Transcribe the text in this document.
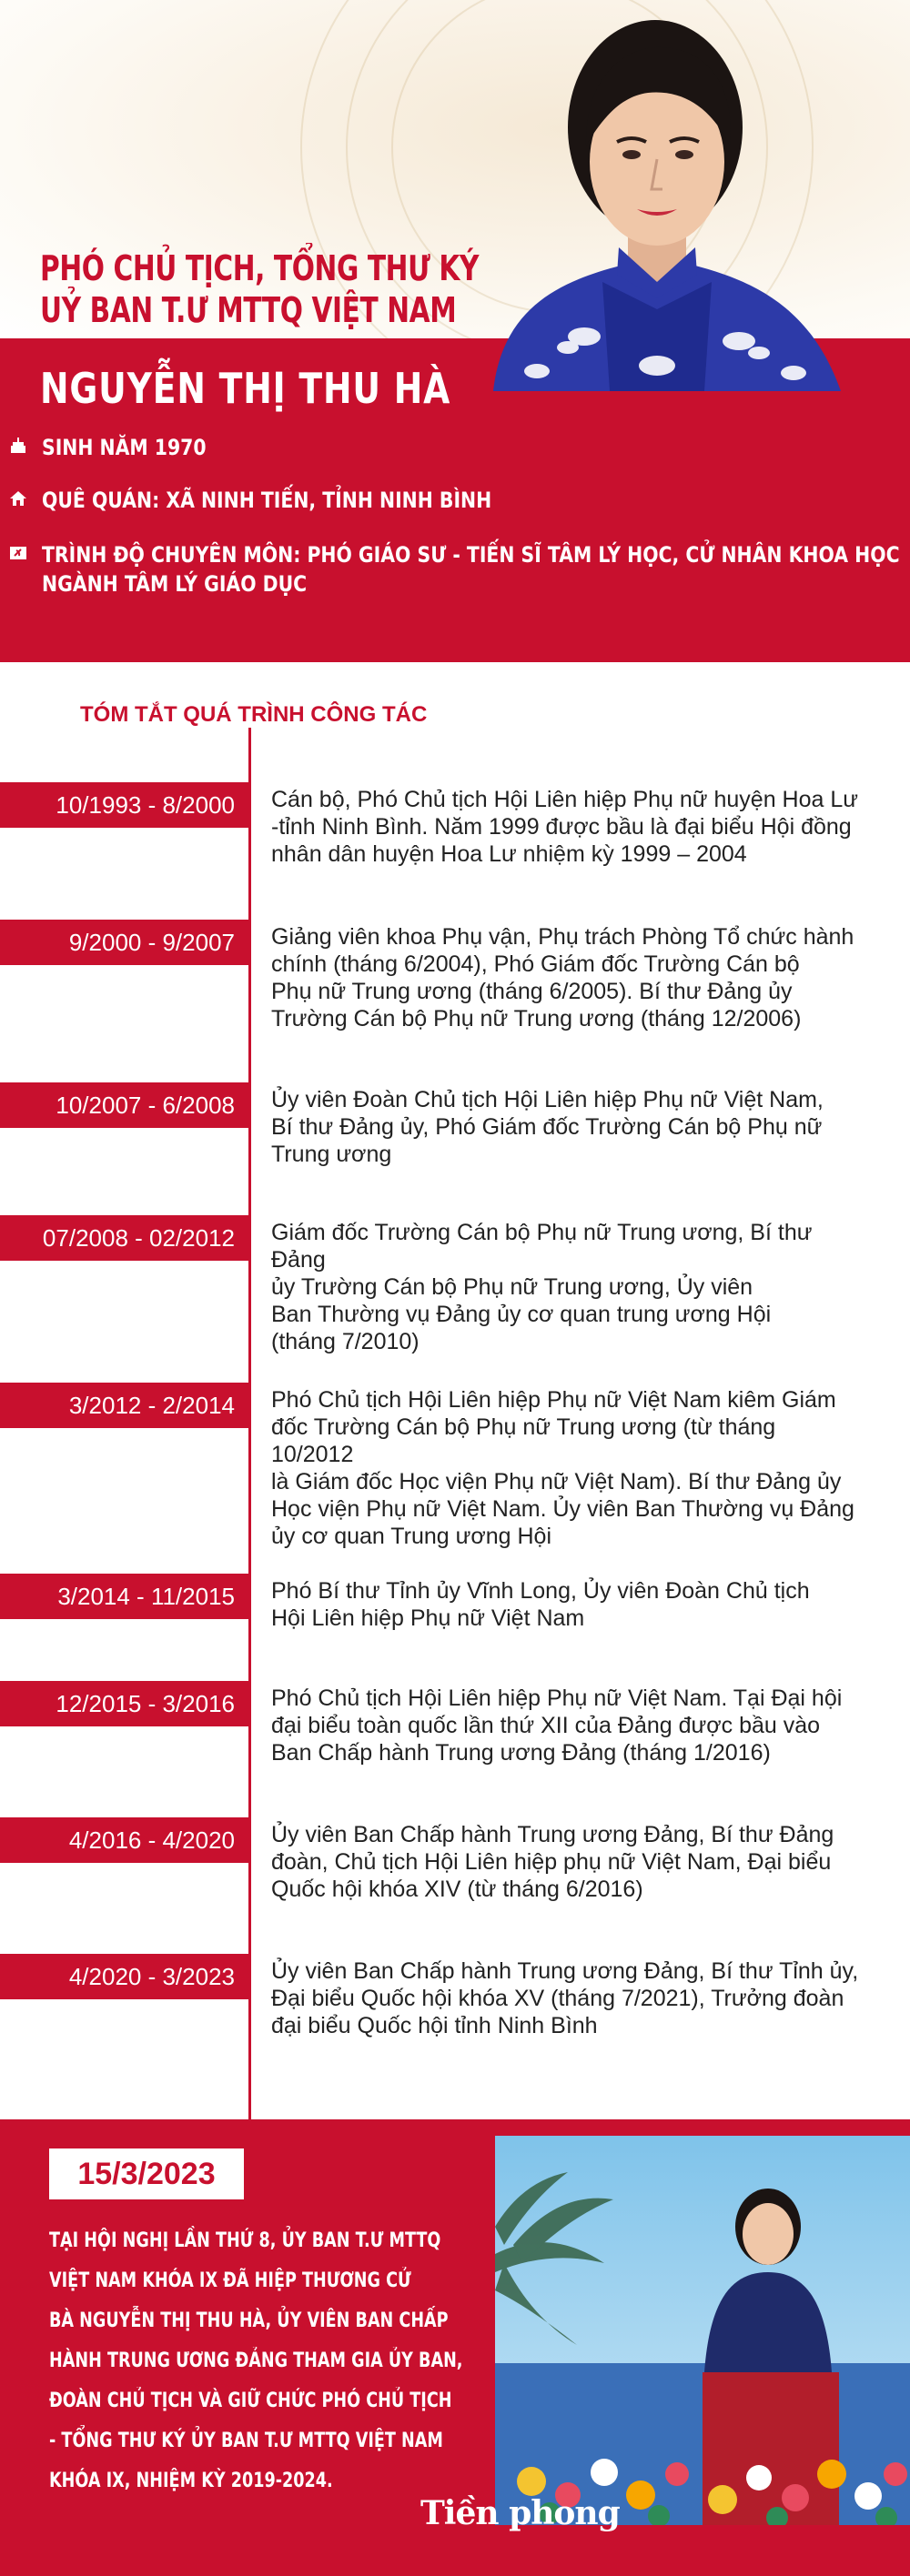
PHÓ CHỦ TỊCH, TỔNG THƯ KÝ
UỶ BAN T.Ư MTTQ VIỆT NAM
NGUYỄN THỊ THU HÀ
SINH NĂM 1970
QUÊ QUÁN: XÃ NINH TIẾN, TỈNH NINH BÌNH
TRÌNH ĐỘ CHUYÊN MÔN: PHÓ GIÁO SƯ - TIẾN SĨ TÂM LÝ HỌC, CỬ NHÂN KHOA HỌC
NGÀNH TÂM LÝ GIÁO DỤC
TÓM TẮT QUÁ TRÌNH CÔNG TÁC
10/1993 - 8/2000	Cán bộ, Phó Chủ tịch Hội Liên hiệp Phụ nữ huyện Hoa Lư
-tỉnh Ninh Bình. Năm 1999 được bầu là đại biểu Hội đồng
nhân dân huyện Hoa Lư nhiệm kỳ 1999 – 2004
9/2000 - 9/2007	Giảng viên khoa Phụ vận, Phụ trách Phòng Tổ chức hành
chính (tháng 6/2004), Phó Giám đốc Trường Cán bộ
Phụ nữ Trung ương (tháng 6/2005). Bí thư Đảng ủy
Trường Cán bộ Phụ nữ Trung ương (tháng 12/2006)
10/2007 - 6/2008	Ủy viên Đoàn Chủ tịch Hội Liên hiệp Phụ nữ Việt Nam,
Bí thư Đảng ủy, Phó Giám đốc Trường Cán bộ Phụ nữ
Trung ương
07/2008 - 02/2012	Giám đốc Trường Cán bộ Phụ nữ Trung ương, Bí thư Đảng
ủy Trường Cán bộ Phụ nữ Trung ương, Ủy viên
Ban Thường vụ Đảng ủy cơ quan trung ương Hội
(tháng 7/2010)
3/2012 - 2/2014	Phó Chủ tịch Hội Liên hiệp Phụ nữ Việt Nam kiêm Giám
đốc Trường Cán bộ Phụ nữ Trung ương (từ tháng 10/2012
là Giám đốc Học viện Phụ nữ Việt Nam). Bí thư Đảng ủy
Học viện Phụ nữ Việt Nam. Ủy viên Ban Thường vụ Đảng
ủy cơ quan Trung ương Hội
3/2014 - 11/2015	Phó Bí thư Tỉnh ủy Vĩnh Long, Ủy viên Đoàn Chủ tịch
Hội Liên hiệp Phụ nữ Việt Nam
12/2015 - 3/2016	Phó Chủ tịch Hội Liên hiệp Phụ nữ Việt Nam. Tại Đại hội
đại biểu toàn quốc lần thứ XII của Đảng được bầu vào
Ban Chấp hành Trung ương Đảng (tháng 1/2016)
4/2016 - 4/2020	Ủy viên Ban Chấp hành Trung ương Đảng, Bí thư Đảng
đoàn, Chủ tịch Hội Liên hiệp phụ nữ Việt Nam, Đại biểu
Quốc hội khóa XIV (từ tháng 6/2016)
4/2020 - 3/2023	Ủy viên Ban Chấp hành Trung ương Đảng, Bí thư Tỉnh ủy,
Đại biểu Quốc hội khóa XV (tháng 7/2021), Trưởng đoàn
đại biểu Quốc hội tỉnh Ninh Bình
15/3/2023
TẠI HỘI NGHỊ LẦN THỨ 8, ỦY BAN T.Ư MTTQ
VIỆT NAM KHÓA IX ĐÃ HIỆP THƯƠNG CỬ
BÀ NGUYỄN THỊ THU HÀ, ỦY VIÊN BAN CHẤP
HÀNH TRUNG ƯƠNG ĐẢNG THAM GIA ỦY BAN,
ĐOÀN CHỦ TỊCH VÀ GIỮ CHỨC PHÓ CHỦ TỊCH
- TỔNG THƯ KÝ ỦY BAN T.Ư MTTQ VIỆT NAM
KHÓA IX, NHIỆM KỲ 2019-2024.
Tiền phong
